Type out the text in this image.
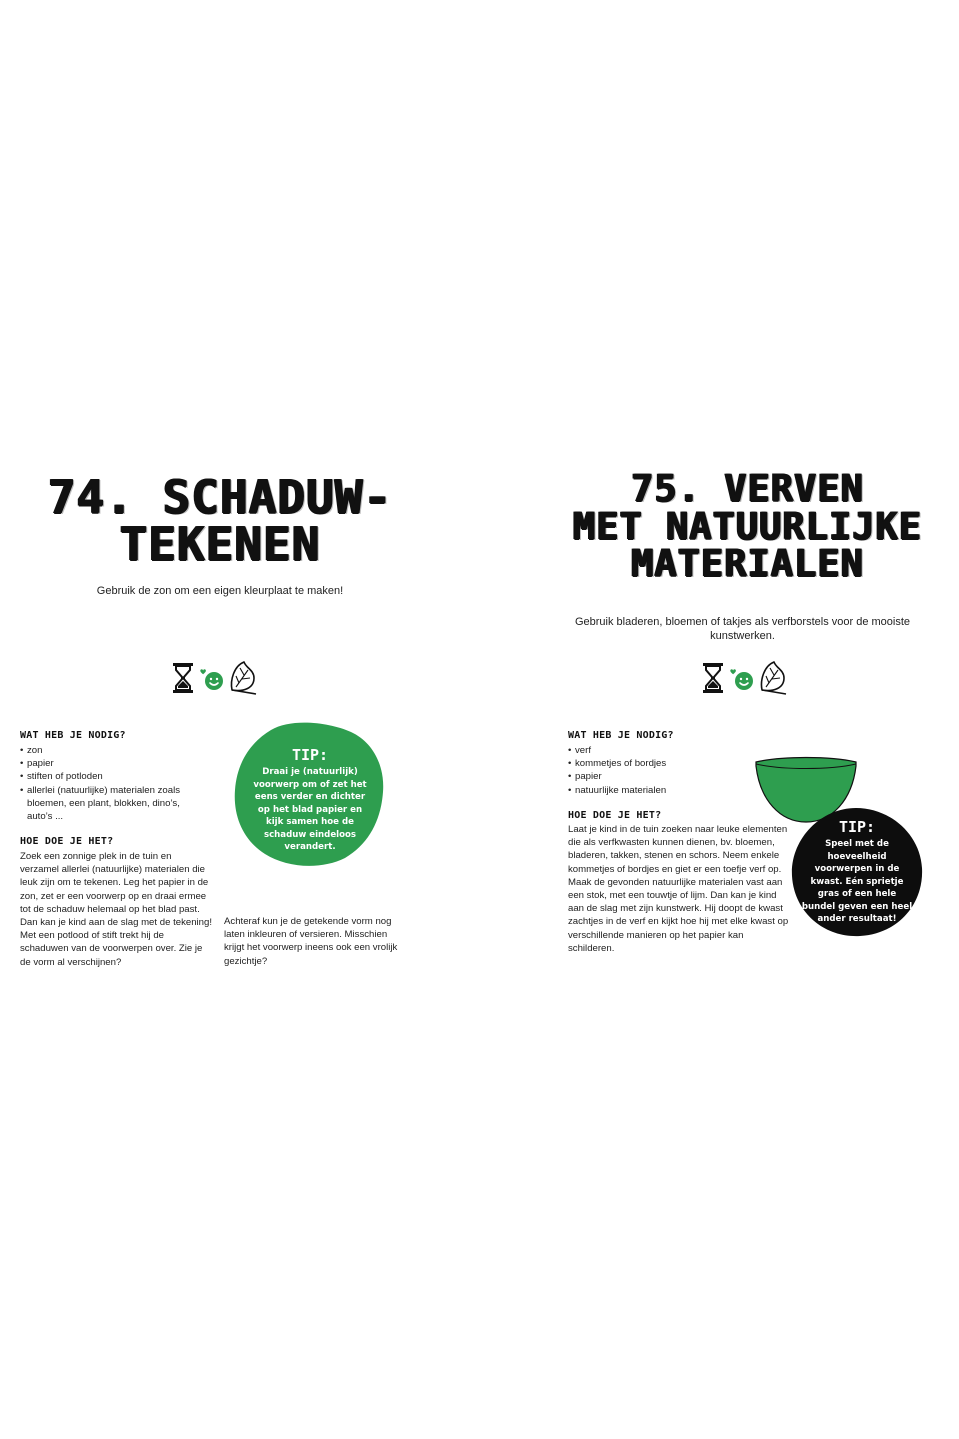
74. SCHADUW-
TEKENEN

Gebruik de zon om een eigen kleurplaat te maken!

WAT HEB JE NODIG?

• zon
• papier
• stiften of potloden
• allerlei (natuurlijke) materialen zoals bloemen, een plant, blokken, dino’s, auto’s ...

HOE DOE JE HET?

Zoek een zonnige plek in de tuin en verzamel allerlei (natuurlijke) materialen die leuk zijn om te tekenen. Leg het papier in de zon, zet er een voorwerp op en draai ermee tot de schaduw helemaal op het blad past. Dan kan je kind aan de slag met de tekening! Met een potlood of stift trekt hij de schaduwen van de voorwerpen over. Zie je de vorm al verschijnen?

Achteraf kun je de getekende vorm nog laten inkleuren of versieren. Misschien krijgt het voorwerp ineens ook een vrolijk gezichtje?

TIP:
Draai je (natuurlijk) voorwerp om of zet het eens verder en dichter op het blad papier en kijk samen hoe de schaduw eindeloos verandert.
75. VERVEN
MET NATUURLIJKE
MATERIALEN

Gebruik bladeren, bloemen of takjes als verfborstels voor de mooiste kunstwerken.

WAT HEB JE NODIG?

• verf
• kommetjes of bordjes
• papier
• natuurlijke materialen

HOE DOE JE HET?

Laat je kind in de tuin zoeken naar leuke elementen die als verfkwasten kunnen dienen, bv. bloemen, bladeren, takken, stenen en schors. Neem enkele kommetjes of bordjes en giet er een toefje verf op. Maak de gevonden natuurlijke materialen vast aan een stok, met een touwtje of lijm. Dan kan je kind aan de slag met zijn kunstwerk. Hij doopt de kwast zachtjes in de verf en kijkt hoe hij met elke kwast op verschillende manieren op het papier kan schilderen.

TIP:
Speel met de hoeveelheid voorwerpen in de kwast. Eén sprietje gras of een hele bundel geven een heel ander resultaat!
